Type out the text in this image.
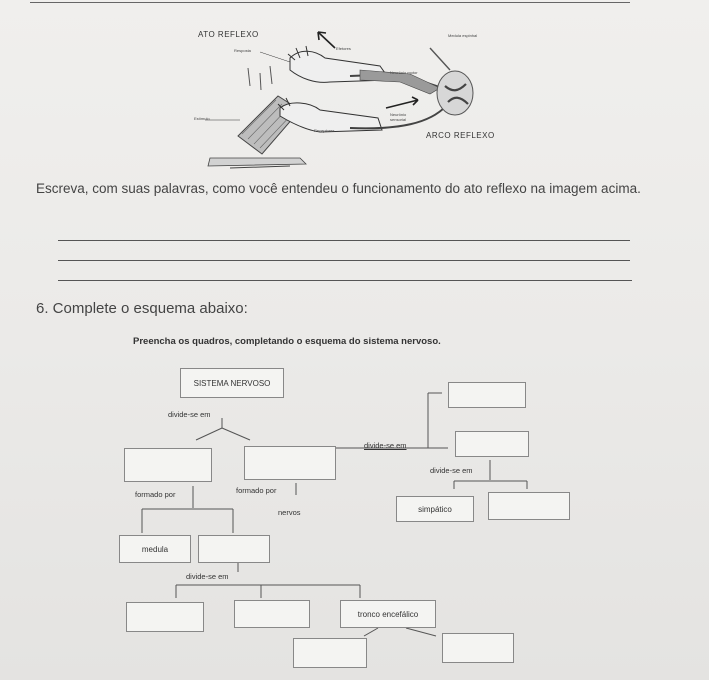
ATO REFLEXO
ARCO REFLEXO
Resposta	Efetores
Medula espinhal
Neurônio motor
Estímulo
Neurônio sensorial
Receptores
Escreva, com suas palavras, como você entendeu o funcionamento do ato reflexo na imagem acima.
6. Complete o esquema abaixo:
Preencha os quadros, completando o esquema do sistema nervoso.
SISTEMA NERVOSO
divide-se em
divide-se em
divide-se em
formado por	formado por
nervos	simpático
medula
divide-se em
tronco encefálico
